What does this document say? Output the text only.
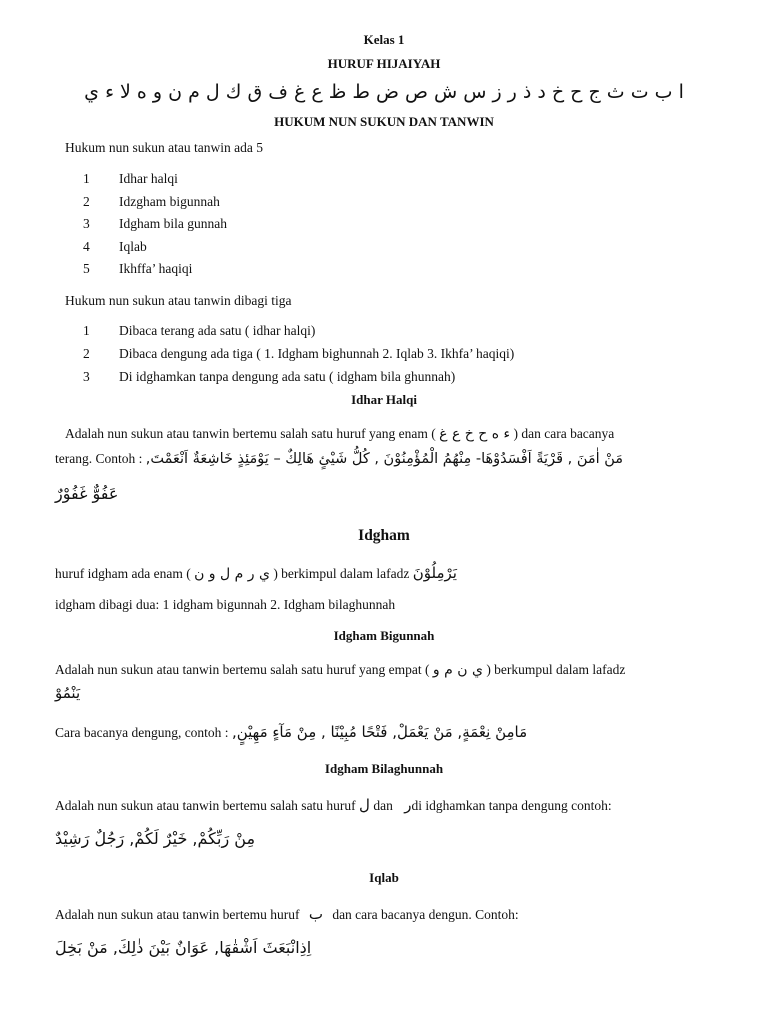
Kelas 1
HURUF HIJAIYAH
ا ب ت ث ج ح خ د ذ ر ز س ش ص ض ط ظ ع غ ف ق ك ل م ن و ه لا ء ي
HUKUM NUN SUKUN DAN TANWIN
Hukum nun sukun atau tanwin ada 5
1 Idhar halqi
2 Idzgham bigunnah
3 Idgham bila gunnah
4 Iqlab
5 Ikhffa’ haqiqi
Hukum nun sukun atau tanwin dibagi tiga
1 Dibaca terang ada satu ( idhar halqi)
2 Dibaca dengung ada tiga ( 1. Idgham bighunnah 2. Iqlab 3. Ikhfa’ haqiqi)
3 Di idghamkan tanpa dengung ada satu ( idgham bila ghunnah)
Idhar Halqi
Adalah nun sukun atau tanwin bertemu salah satu huruf yang enam ( ء ه ح خ ع غ ) dan cara bacanya
terang. Contoh : مَنْ اٰمَنَ , قَرْيَةً اَفْسَدُوْهَا- مِنْهُمُ الْمُؤْمِنُوْنَ , كُلُّ شَيْئٍ هَالِكٌ – يَوْمَئِذٍ خَاشِعَةٌ اَنْعَمْتَ,
عَفُوٌّ غَفُوْرٌ
Idgham
huruf idgham ada enam ( ي ر م ل و ن ) berkimpul dalam lafadz يَرْمِلُوْنَ
idgham dibagi dua: 1 idgham bigunnah 2. Idgham bilaghunnah
Idgham Bigunnah
Adalah nun sukun atau tanwin bertemu salah satu huruf yang empat ( ي ن م و ) berkumpul dalam lafadz
يَنْمُوْ
Cara bacanya dengung, contoh : مَامِنْ نِعْمَةٍ, مَنْ يَعْمَلْ, فَتْحًا مُبِيْنًا , مِنْ مَآءٍ مَهِيْنٍ,
Idgham Bilaghunnah
Adalah nun sukun atau tanwin bertemu salah satu huruf ل dan رdi idghamkan tanpa dengung contoh:
مِنْ رَبِّكُمْ, خَيْرٌ لَكُمْ, رَجُلٌ رَشِيْدٌ
Iqlab
Adalah nun sukun atau tanwin bertemu huruf ب dan cara bacanya dengun. Contoh:
اِذِانْبَعَثَ اَشْقٰهَا, عَوَانٌ بَيْنَ ذٰلِكَ, مَنْ بَخِلَ
